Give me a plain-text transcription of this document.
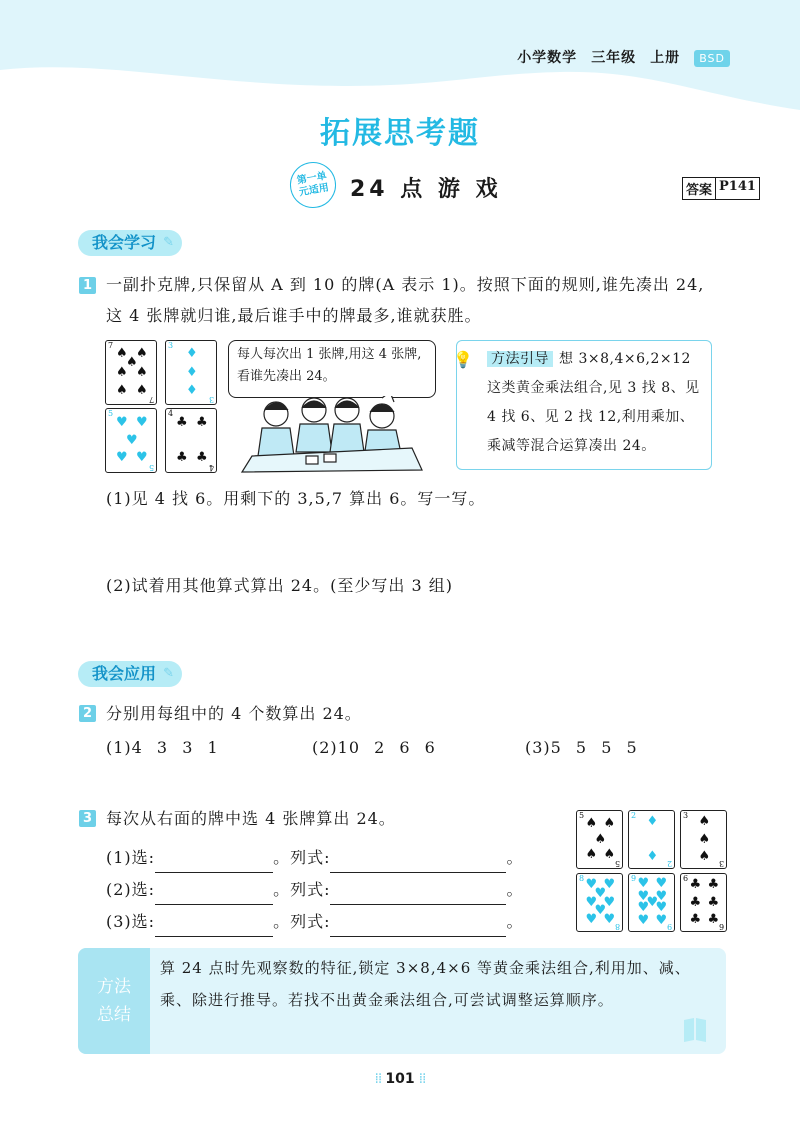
小学数学 三年级 上册 BSD
拓展思考题
第一单元适用 24 点 游 戏	答案 P141
我会学习 ✎
1 一副扑克牌,只保留从 A 到 10 的牌(A 表示 1)。按照下面的规则,谁先凑出 24,这 4 张牌就归谁,最后谁手中的牌最多,谁就获胜。
7
7
♠ ♠
♠
♠ ♠
♠ ♠
3
3
♦
♦
♦
5
5
♥ ♥
♥
♥ ♥
4
4
♣ ♣
♣ ♣
每人每次出 1 张牌,用这 4 张牌,看谁先凑出 24。
💡	方法引导 想 3×8,4×6,2×12 这类黄金乘法组合,见 3 找 8、见 4 找 6、见 2 找 12,利用乘加、乘减等混合运算凑出 24。
(1)见 4 找 6。用剩下的 3,5,7 算出 6。写一写。
(2)试着用其他算式算出 24。(至少写出 3 组)
我会应用 ✎
2 分别用每组中的 4 个数算出 24。
(1)4 3 3 1	(2)10 2 6 6	(3)5 5 5 5
3 每次从右面的牌中选 4 张牌算出 24。
(1)选:	。列式:	。
(2)选:	。列式:	。
(3)选:	。列式:	。
5
5
♠ ♠
♠
♠ ♠
2
2
♦
♦
3
3
♠
♠
♠
8
8
♥ ♥
♥
♥ ♥
♥
♥ ♥
9
9
♥ ♥
♥ ♥
♥
♥ ♥
♥ ♥
6
6
♣ ♣
♣ ♣
♣ ♣
方法
总结
算 24 点时先观察数的特征,锁定 3×8,4×6 等黄金乘法组合,利用加、减、乘、除进行推导。若找不出黄金乘法组合,可尝试调整运算顺序。
⁞⁞ 101 ⁞⁞
